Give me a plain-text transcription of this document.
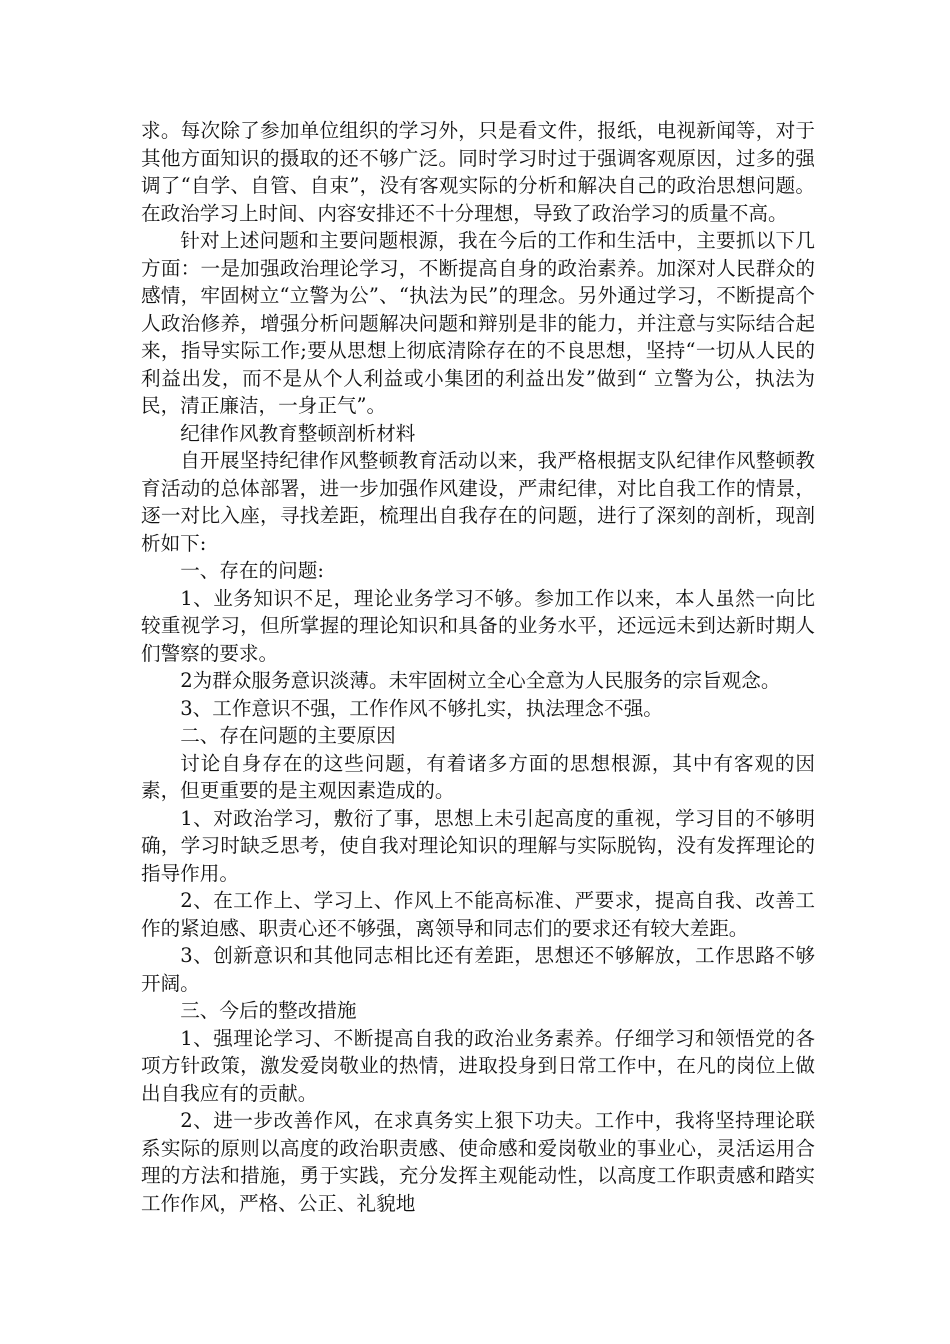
求。每次除了参加单位组织的学习外，只是看文件，报纸，电视新闻等，对于其他方面知识的摄取的还不够广泛。同时学习时过于强调客观原因，过多的强调了“自学、自管、自束”，没有客观实际的分析和解决自己的政治思想问题。在政治学习上时间、内容安排还不十分理想，导致了政治学习的质量不高。

针对上述问题和主要问题根源，我在今后的工作和生活中，主要抓以下几方面：一是加强政治理论学习，不断提高自身的政治素养。加深对人民群众的感情，牢固树立“立警为公”、“执法为民”的理念。另外通过学习，不断提高个人政治修养，增强分析问题解决问题和辩别是非的能力，并注意与实际结合起来，指导实际工作;要从思想上彻底清除存在的不良思想，坚持“一切从人民的利益出发，而不是从个人利益或小集团的利益出发”做到“ 立警为公，执法为民，清正廉洁，一身正气”。

纪律作风教育整顿剖析材料

自开展坚持纪律作风整顿教育活动以来，我严格根据支队纪律作风整顿教育活动的总体部署，进一步加强作风建设，严肃纪律，对比自我工作的情景，逐一对比入座，寻找差距，梳理出自我存在的问题，进行了深刻的剖析，现剖析如下:

一、存在的问题:

1、业务知识不足，理论业务学习不够。参加工作以来，本人虽然一向比较重视学习，但所掌握的理论知识和具备的业务水平，还远远未到达新时期人们警察的要求。

2为群众服务意识淡薄。未牢固树立全心全意为人民服务的宗旨观念。

3、工作意识不强，工作作风不够扎实，执法理念不强。

二、存在问题的主要原因

讨论自身存在的这些问题，有着诸多方面的思想根源，其中有客观的因素，但更重要的是主观因素造成的。

1、对政治学习，敷衍了事，思想上未引起高度的重视，学习目的不够明确，学习时缺乏思考，使自我对理论知识的理解与实际脱钩，没有发挥理论的指导作用。

2、在工作上、学习上、作风上不能高标准、严要求，提高自我、改善工作的紧迫感、职责心还不够强，离领导和同志们的要求还有较大差距。

3、创新意识和其他同志相比还有差距，思想还不够解放，工作思路不够开阔。

三、今后的整改措施

1、强理论学习、不断提高自我的政治业务素养。仔细学习和领悟党的各项方针政策，激发爱岗敬业的热情，进取投身到日常工作中，在凡的岗位上做出自我应有的贡献。

2、进一步改善作风，在求真务实上狠下功夫。工作中，我将坚持理论联系实际的原则以高度的政治职责感、使命感和爱岗敬业的事业心，灵活运用合理的方法和措施，勇于实践，充分发挥主观能动性，以高度工作职责感和踏实工作作风，严格、公正、礼貌地
